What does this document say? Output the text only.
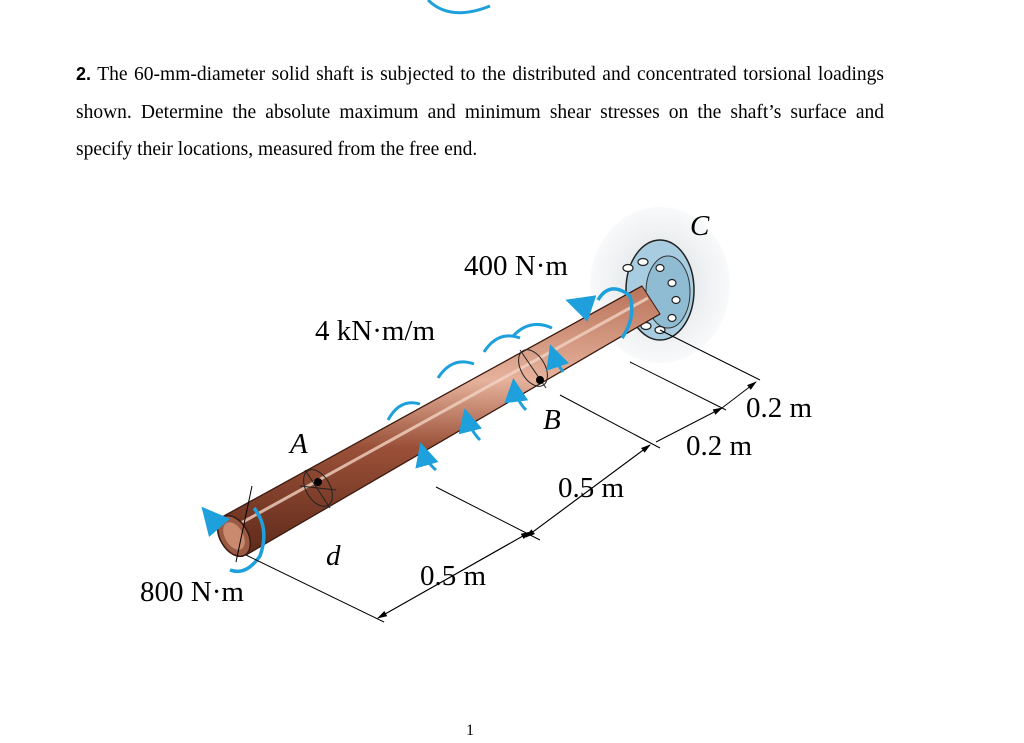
2. The 60-mm-diameter solid shaft is subjected to the distributed and concentrated torsional loadings shown. Determine the absolute maximum and minimum shear stresses on the shaft’s surface and specify their locations, measured from the free end.
400 N·m
4 kN·m/m
800 N·m
A
B
C
d
0.5 m
0.5 m
0.2 m
0.2 m
1
